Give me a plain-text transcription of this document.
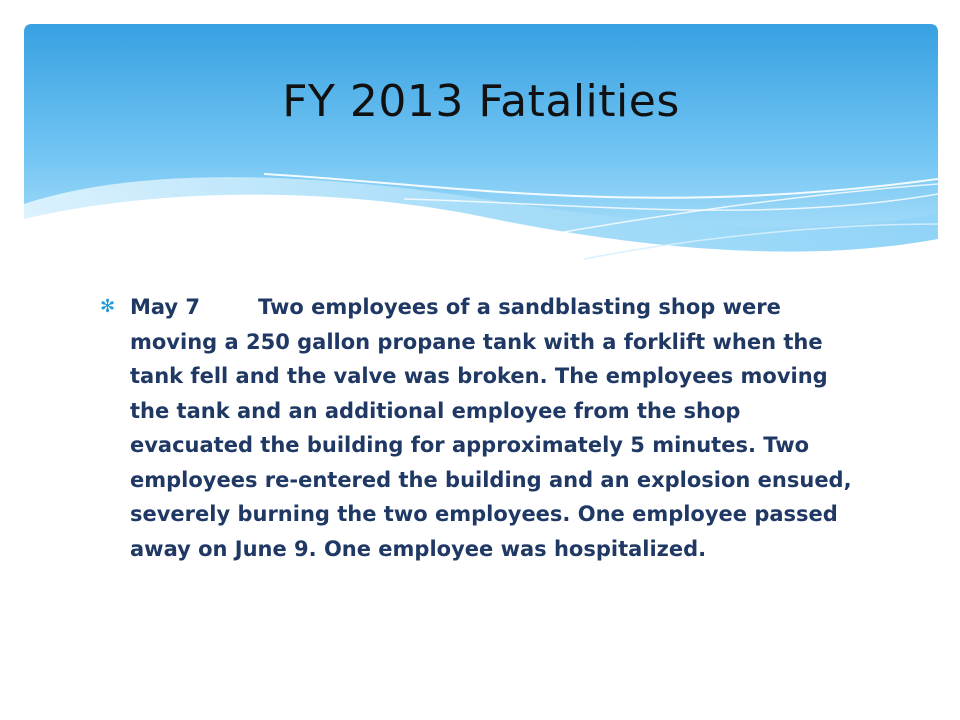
FY 2013 Fatalities
✻ May 7	Two employees of a sandblasting shop were moving a 250 gallon propane tank with a forklift when the tank fell and the valve was broken. The employees moving the tank and an additional employee from the shop evacuated the building for approximately 5 minutes. Two employees re-entered the building and an explosion ensued, severely burning the two employees. One employee passed away on June 9. One employee was hospitalized.
